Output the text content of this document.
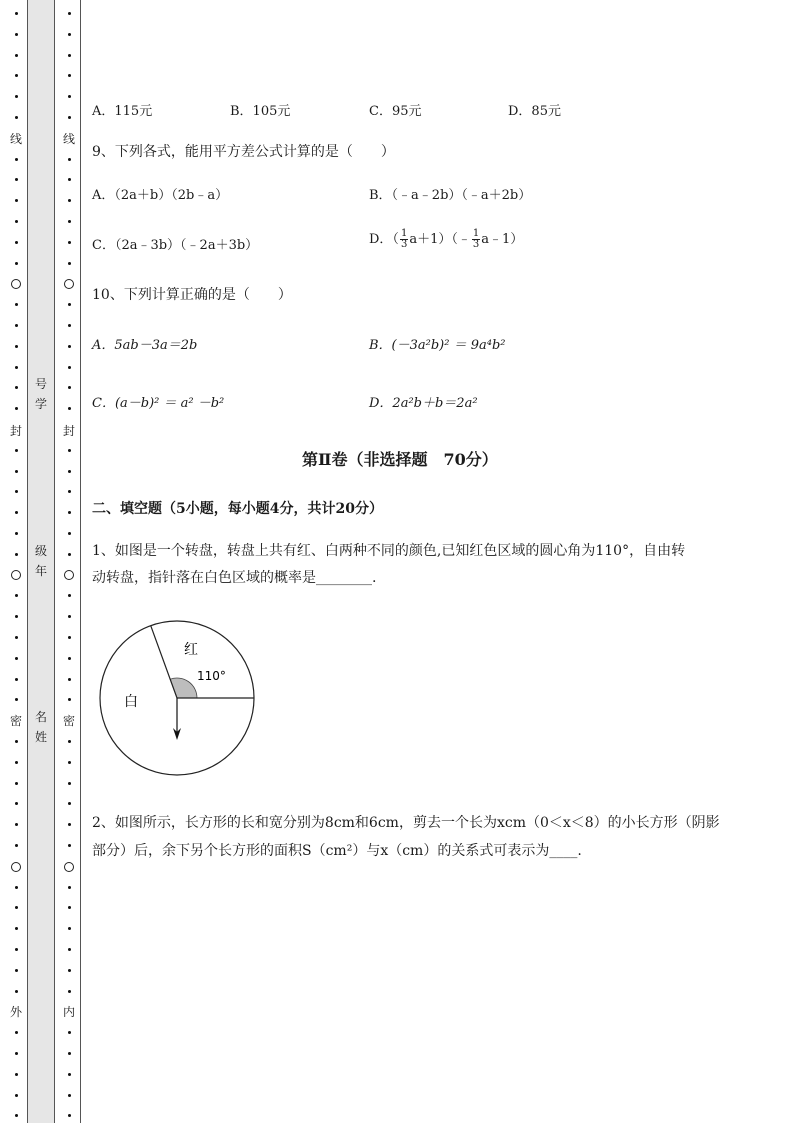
线
封
密
外
线
封
密
内
号
学
级
年
名
姓
A．115元	B．105元	C．95元	D．85元
9、下列各式，能用平方差公式计算的是（　　）
A．（2a＋b）（2b﹣a）	B．（﹣a﹣2b）（﹣a＋2b）
C．（2a﹣3b）（﹣2a＋3b）	D．（ $\frac{1}{3}$ a＋1）（﹣ $\frac{1}{3}$ a﹣1）
10、下列计算正确的是（　　）
A．5ab－3a＝2b	B．(－3a²b)² ＝ 9a⁴b²
C．(a－b)² ＝ a² －b²	D．2a²b＋b＝2a²
第Ⅱ卷（非选择题　70分）
二、填空题（5小题，每小题4分，共计20分）
1、如图是一个转盘，转盘上共有红、白两种不同的颜色,已知红色区域的圆心角为110°，自由转
动转盘，指针落在白色区域的概率是________.
红
白
110°
2、如图所示，长方形的长和宽分别为8cm和6cm，剪去一个长为xcm（0＜x＜8）的小长方形（阴影
部分）后，余下另个长方形的面积S（cm²）与x（cm）的关系式可表示为____.
